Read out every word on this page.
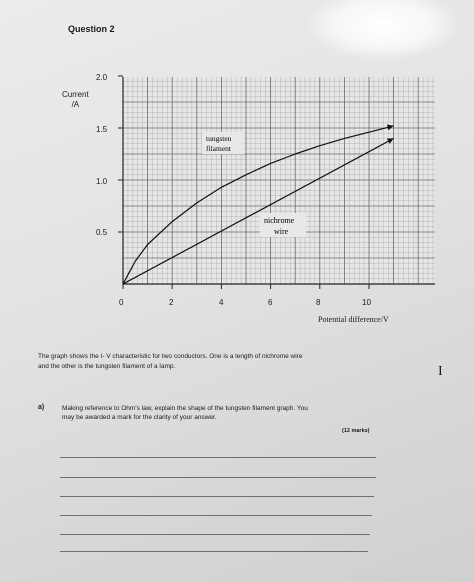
Question 2
Current
/A
2.0
1.5
1.0
0.5
tungsten
filament
nichrome
wire
0	2	4	6	8	10
Potential difference/V
The graph shows the I- V characteristic for two conductors. One is a length of nichrome wire
and the other is the tungsten filament of a lamp.	I
a)	Making reference to Ohm's law, explain the shape of the tungsten filament graph. You
may be awarded a mark for the clarity of your answer.
(12 marks)
